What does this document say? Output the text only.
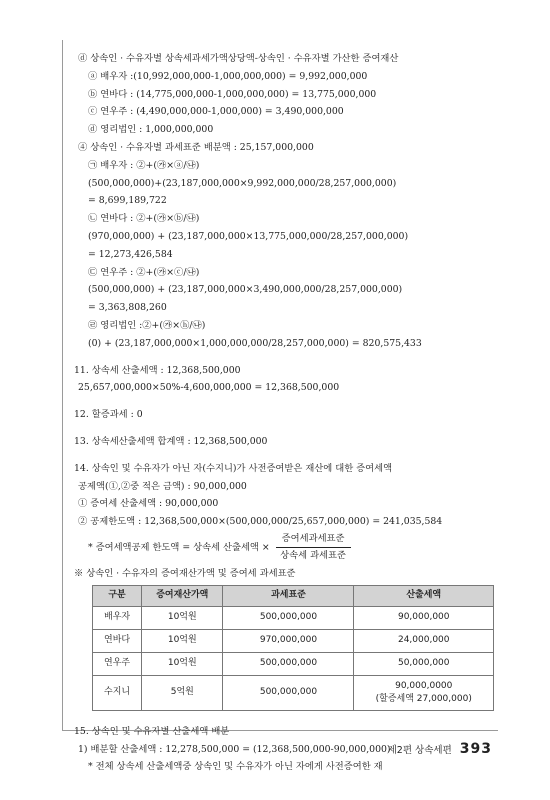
ⓓ 상속인 · 수유자별 상속세과세가액상당액-상속인 · 수유자별 가산한 증여재산
ⓐ 배우자 :(10,992,000,000-1,000,000,000) = 9,992,000,000
ⓑ 연바다 : (14,775,000,000-1,000,000,000) = 13,775,000,000
ⓒ 연우주 : (4,490,000,000-1,000,000) = 3,490,000,000
ⓓ 영리법인 : 1,000,000,000
④ 상속인 · 수유자별 과세표준 배분액 : 25,157,000,000
㉠ 배우자 : ②+(㉮×ⓐ/㉯)
(500,000,000)+(23,187,000,000×9,992,000,000/28,257,000,000)
= 8,699,189,722
㉡ 연바다 : ②+(㉮×ⓑ/㉯)
(970,000,000) + (23,187,000,000×13,775,000,000/28,257,000,000)
= 12,273,426,584
㉢ 연우주 : ②+(㉮×ⓒ/㉯)
(500,000,000) + (23,187,000,000×3,490,000,000/28,257,000,000)
= 3,363,808,260
㉣ 영리법인 :②+(㉮×ⓗ/㉯)
(0) + (23,187,000,000×1,000,000,000/28,257,000,000) = 820,575,433
11. 상속세 산출세액 : 12,368,500,000
25,657,000,000×50%-4,600,000,000 = 12,368,500,000
12. 할증과세 : 0
13. 상속세산출세액 합계액 : 12,368,500,000
14. 상속인 및 수유자가 아닌 자(수지니)가 사전증여받은 재산에 대한 증여세액
공제액(①,②중 적은 금액) : 90,000,000
① 증여세 산출세액 : 90,000,000
② 공제한도액 : 12,368,500,000×(500,000,000/25,657,000,000) = 241,035,584
* 증여세액공제 한도액 = 상속세 산출세액 × $\frac{\text{증여세과세표준}}{\text{상속세 과세표준}}$
※ 상속인 · 수유자의 증여재산가액 및 증여세 과세표준
구분	증여재산가액	과세표준	산출세액
배우자	10억원	500,000,000	90,000,000
연바다	10억원	970,000,000	24,000,000
연우주	10억원	500,000,000	50,000,000
수지니	5억원	500,000,000	90,000,0000
(할증세액 27,000,000)
15. 상속인 및 수유자별 산출세액 배분
1) 배분할 산출세액 : 12,278,500,000 = (12,368,500,000-90,000,000)
* 전체 상속세 산출세액중 상속인 및 수유자가 아닌 자에게 사전증여한 재
제2편 상속세편 393
